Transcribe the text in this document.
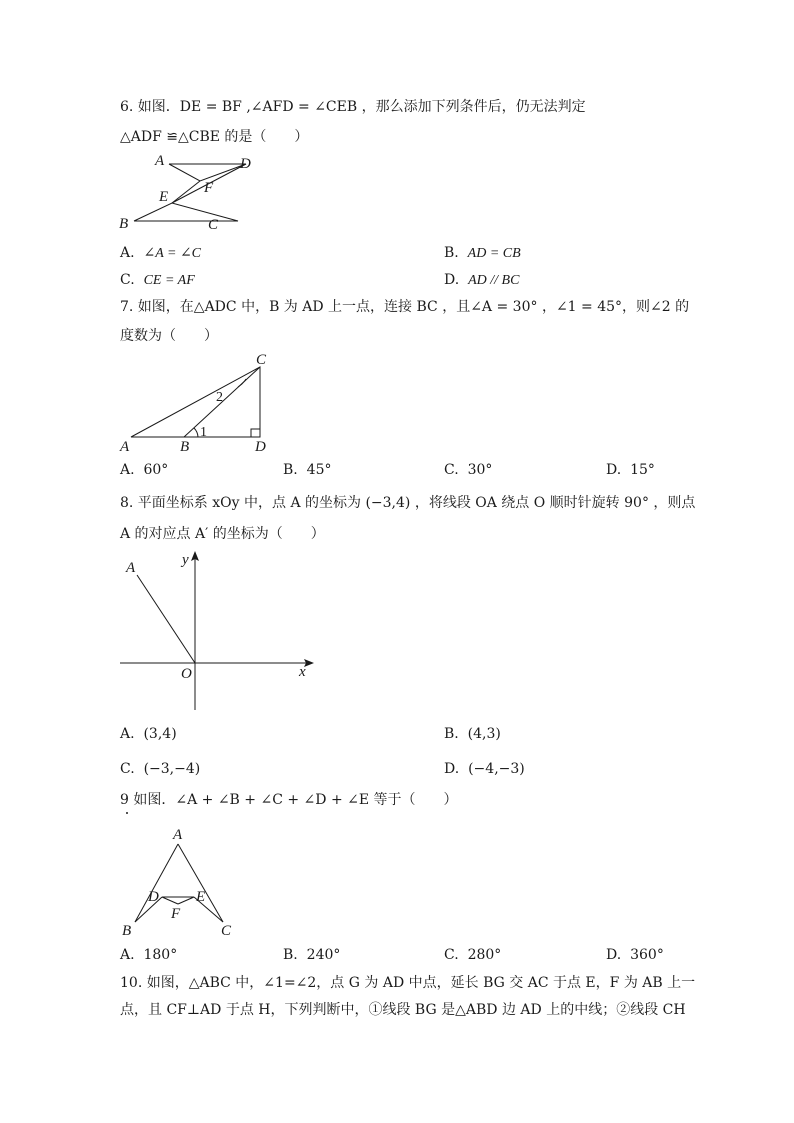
6. 如图．DE = BF ,∠AFD = ∠CEB ，那么添加下列条件后，仍无法判定
△ADF ≌△CBE 的是（　　）
A	D
F
E
B	C
A. ∠A = ∠C	B. AD = CB
C. CE = AF	D. AD // BC
7. 如图，在△ADC 中，B 为 AD 上一点，连接 BC ，且∠A = 30° ，∠1 = 45°，则∠2 的
度数为（　　）
1
2
C
A	B	D
A. 60°	B. 45°	C. 30°	D. 15°
8. 平面坐标系 xOy 中，点 A 的坐标为 (−3,4) ，将线段 OA 绕点 O 顺时针旋转 90° ，则点
A 的对应点 A′ 的坐标为（　　）
A	y
O	x
A. (3,4)	B. (4,3)
C. (−3,−4)	D. (−4,−3)
9 如图．∠A + ∠B + ∠C + ∠D + ∠E 等于（　　）
A
D E
F
B	C
A. 180°	B. 240°	C. 280°	D. 360°
10. 如图，△ABC 中，∠1=∠2，点 G 为 AD 中点，延长 BG 交 AC 于点 E，F 为 AB 上一
点，且 CF⊥AD 于点 H，下列判断中，①线段 BG 是△ABD 边 AD 上的中线；②线段 CH
